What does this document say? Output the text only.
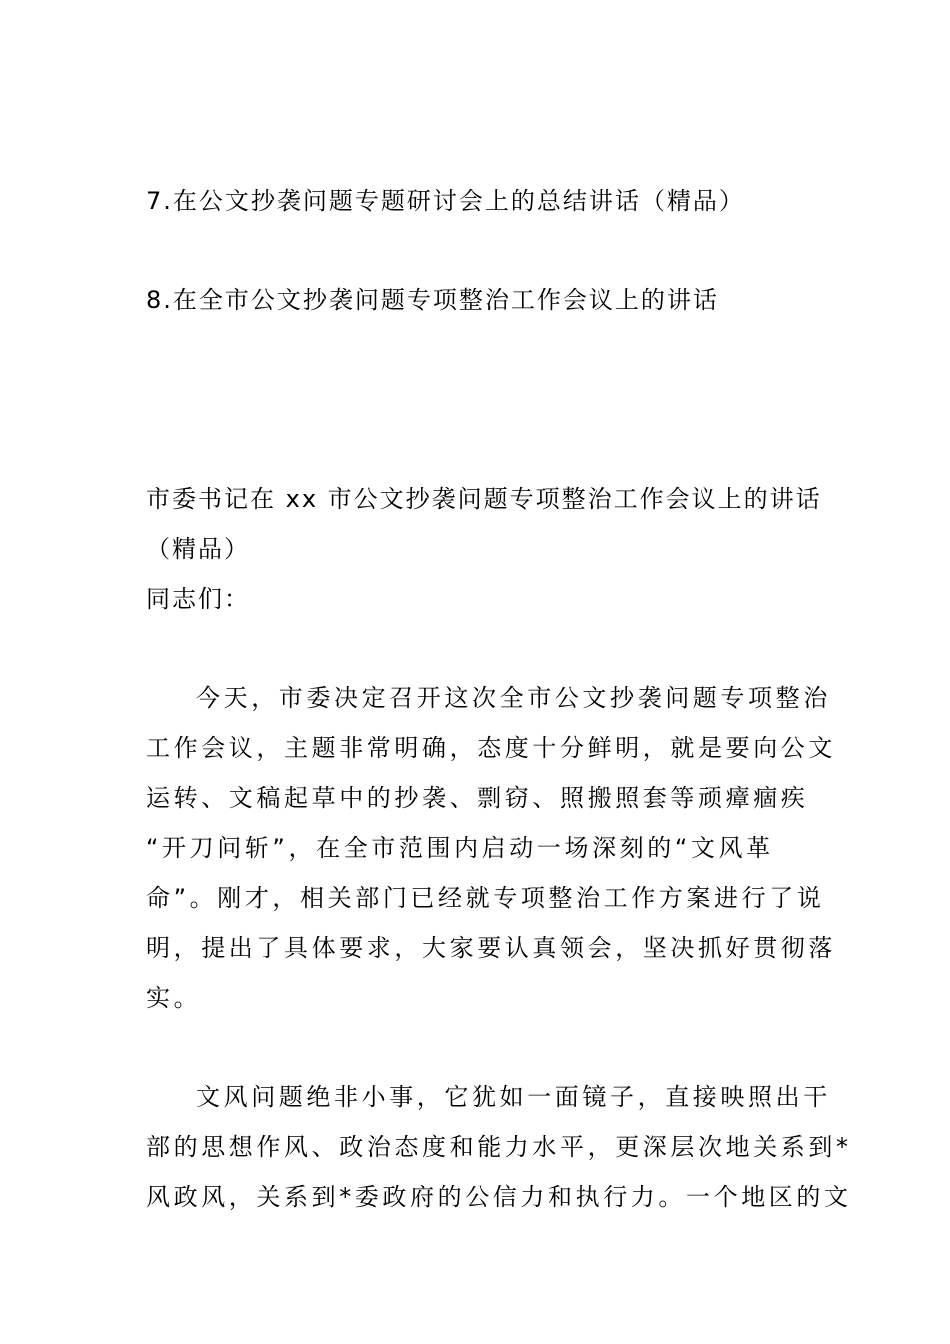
7.在公文抄袭问题专题研讨会上的总结讲话（精品）

8.在全市公文抄袭问题专项整治工作会议上的讲话

市委书记在 xx 市公文抄袭问题专项整治工作会议上的讲话

（精品）

同志们：

今天，市委决定召开这次全市公文抄袭问题专项整治

工作会议，主题非常明确，态度十分鲜明，就是要向公文

运转、文稿起草中的抄袭、剽窃、照搬照套等顽瘴痼疾

“开刀问斩”，在全市范围内启动一场深刻的“文风革

命”。刚才，相关部门已经就专项整治工作方案进行了说

明，提出了具体要求，大家要认真领会，坚决抓好贯彻落

实。

文风问题绝非小事，它犹如一面镜子，直接映照出干

部的思想作风、政治态度和能力水平，更深层次地关系到*

风政风，关系到*委政府的公信力和执行力。一个地区的文
